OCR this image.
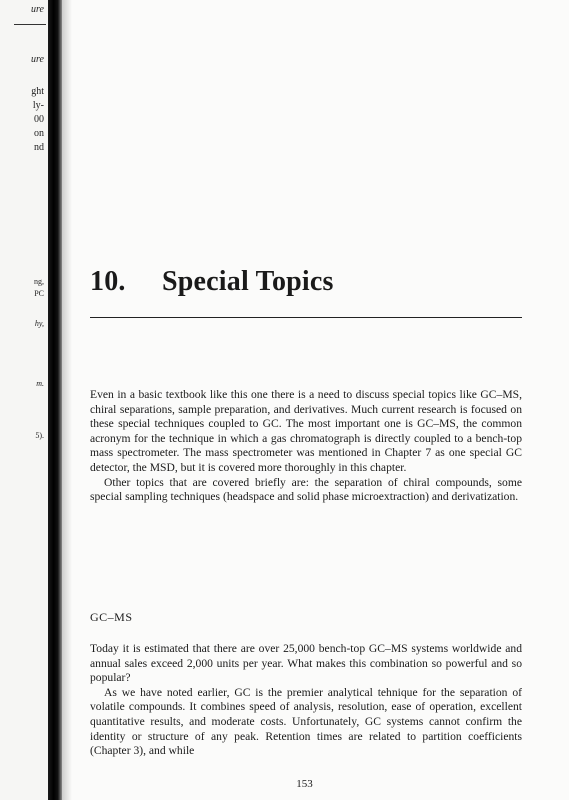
ure
ure
ght
ly-
00
on
nd
ng,
PC
hy,
m.
5).
10. Special Topics

Even in a basic textbook like this one there is a need to discuss special topics like GC–MS, chiral separations, sample preparation, and derivatives. Much current research is focused on these special techniques coupled to GC. The most important one is GC–MS, the common acronym for the technique in which a gas chromatograph is directly coupled to a bench-top mass spectrometer. The mass spectrometer was mentioned in Chapter 7 as one special GC detector, the MSD, but it is covered more thoroughly in this chapter.

Other topics that are covered briefly are: the separation of chiral compounds, some special sampling techniques (headspace and solid phase microextraction) and derivatization.

GC–MS

Today it is estimated that there are over 25,000 bench-top GC–MS systems worldwide and annual sales exceed 2,000 units per year. What makes this combination so powerful and so popular?

As we have noted earlier, GC is the premier analytical tehnique for the separation of volatile compounds. It combines speed of analysis, resolution, ease of operation, excellent quantitative results, and moderate costs. Unfortunately, GC systems cannot confirm the identity or structure of any peak. Retention times are related to partition coefficients (Chapter 3), and while

153
